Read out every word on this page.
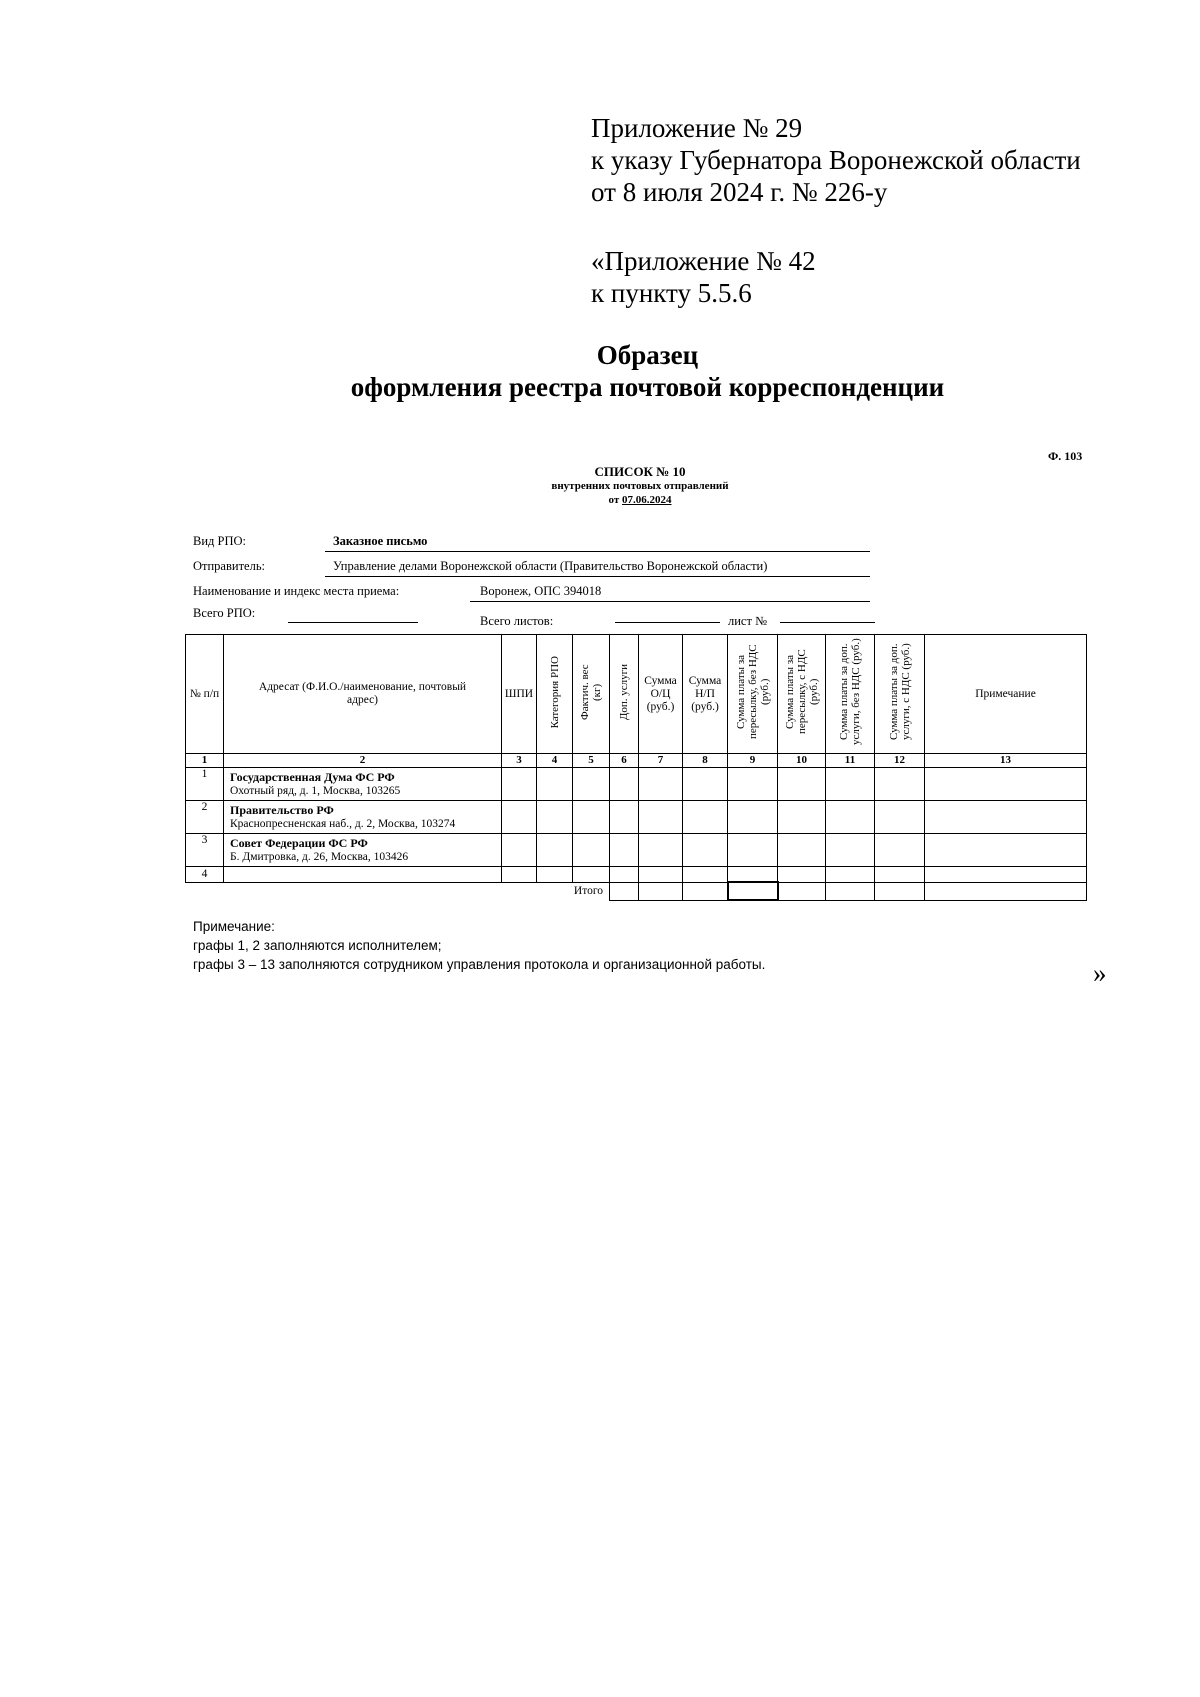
Приложение № 29
к указу Губернатора Воронежской области
от 8 июля 2024 г. № 226-у
«Приложение № 42
к пункту 5.5.6
Образец
оформления реестра почтовой корреспонденции
Ф. 103
СПИСОК № 10
внутренних почтовых отправлений
от 07.06.2024
Вид РПО:	Заказное письмо
Отправитель:	Управление делами Воронежской области (Правительство Воронежской области)
Наименование и индекс места приема:	Воронеж, ОПС 394018
Всего РПО:
Всего листов:	лист №
№ п/п	Адресат (Ф.И.О./наименование, почтовый адрес)	ШПИ	Категория РПО	Фактич. вес (кг)	Доп. услуги	Сумма О/Ц (руб.)	Сумма Н/П (руб.)	Сумма платы за пересылку, без НДС (руб.)	Сумма платы за пересылку, с НДС (руб.)	Сумма платы за доп. услуги, без НДС (руб.)	Сумма платы за доп. услуги, с НДС (руб.)	Примечание
1	2	3	4	5	6	7	8	9	10	11	12	13
1	Государственная Дума ФС РФ
Охотный ряд, д. 1, Москва, 103265											

2	Правительство РФ
Краснопресненская наб., д. 2, Москва, 103274											

3	Совет Федерации ФС РФ
Б. Дмитровка, д. 26, Москва, 103426											

4												
	Итого											
Примечание:
графы 1, 2 заполняются исполнителем;
графы 3 – 13 заполняются сотрудником управления протокола и организационной работы.	»
